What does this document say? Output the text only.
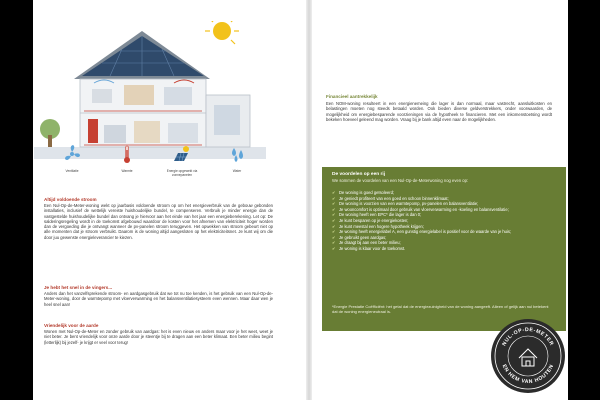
Ventilatie	Warmte	Energie opgewekt via zonnepanelen
Water
Altijd voldoende stroom
Een Nul-Op-de-Meter-woning wekt op jaarbasis voldoende stroom op om het energieverbruik van de gebouw gebonden installaties, inclusief de wettelijk vereiste huishoudelijke bundel, te compenseren. Verbruik je minder energie dan de vastgestelde huishoudelijke bundel dan ontvang je hiervoor aan het einde van het jaar een energieberekening. Let op: De salderingsregeling wordt in de toekomst afgebouwd waardoor de kosten voor het afnemen van elektriciteit hoger worden dan de vergoeding die je ontvangt wanneer de pv-panelen stroom teruggeven. Het opwekken van stroom gebeurt niet op alle momenten dat je stroom verbruikt. Daarom is de woning altijd aangesloten op het elektriciteitsnet. Je kunt wij om die door juu gewenste energieleverancier te kiezen.
Je hebt het snel in de vingers...
Anders dan het vanzelfsprekende stroom- en aardgasgebruik dat we tot nu toe kenden, is het gebruik van een Nul-Op-de-Meter-woning, door de warmtepomp met vloerverwarming en het balansventilatiesysteem even wennen. Maar daar wen je heel snel aan!
Vriendelijk voor de aarde
Wonen met Nul-Op-de-Meter en zonder gebruik van aardgas: het is even nieuw en anders maar voor je het weet, weet je niet beter. Je bent vriendelijk voor onze aarde door je steentje bij te dragen aan een beter klimaat. Een beter milieu begint (letterlijk) bij jezelf- je krijgt er veel voor terug!
Financieel aantrekkelijk
Een NOM-woning resulteert in een energienemeing die lager is dan normaal, maar vastrecht, aansluitkosten en belastingen moeten nog steeds betaald worden. Ook bieden diverse geldverstrekkers, onder voorwaarden, de mogelijkheid om energiebesparende voorzieningen via de hypotheek te financieren. Met een inkomenstoetsing wordt bekeken hoeveel geleend mag worden. Vraag bij je bank altijd even naar de mogelijkheden.
De voordelen op een rij
We sommen de voordelen van een Nul-Op-de-Meterwoning nog even op:
✔ De woning is goed geïsoleerd;
✔ Je geniedt profiteert van een goed en schoon binnenklimaat;
✔ De woning is voorzien van een warmtepomp, pv-panelen en balansventilatie;
✔ Je wooncomfort is optimaal door gebruik van vloerverwarming en -koeling en balansventilatie;
✔ De woning heeft een EPC* die lager is dan 0;
✔ Je kunt besparen op je energiekosten;
✔ Je kunt meestal een hogere hypotheek krijgen;
✔ Je woning heeft energielabel A, een gunstig energielabel is positief voor de waarde van je huis;
✔ Je gebruikt geen aardgas;
✔ Je draagt bij aan een beter milieu;
✔ Je woning is klaar voor de toekomst.
*Energie Prestatie Coëfficiënt: het getal dat de energiezuinigheid van de woning aangeeft. Alleen of gelijk aan nul betekent dat de woning energieneutraal is.
NUL-OP-DE-METER
EN HEM VAN HOUTEN
